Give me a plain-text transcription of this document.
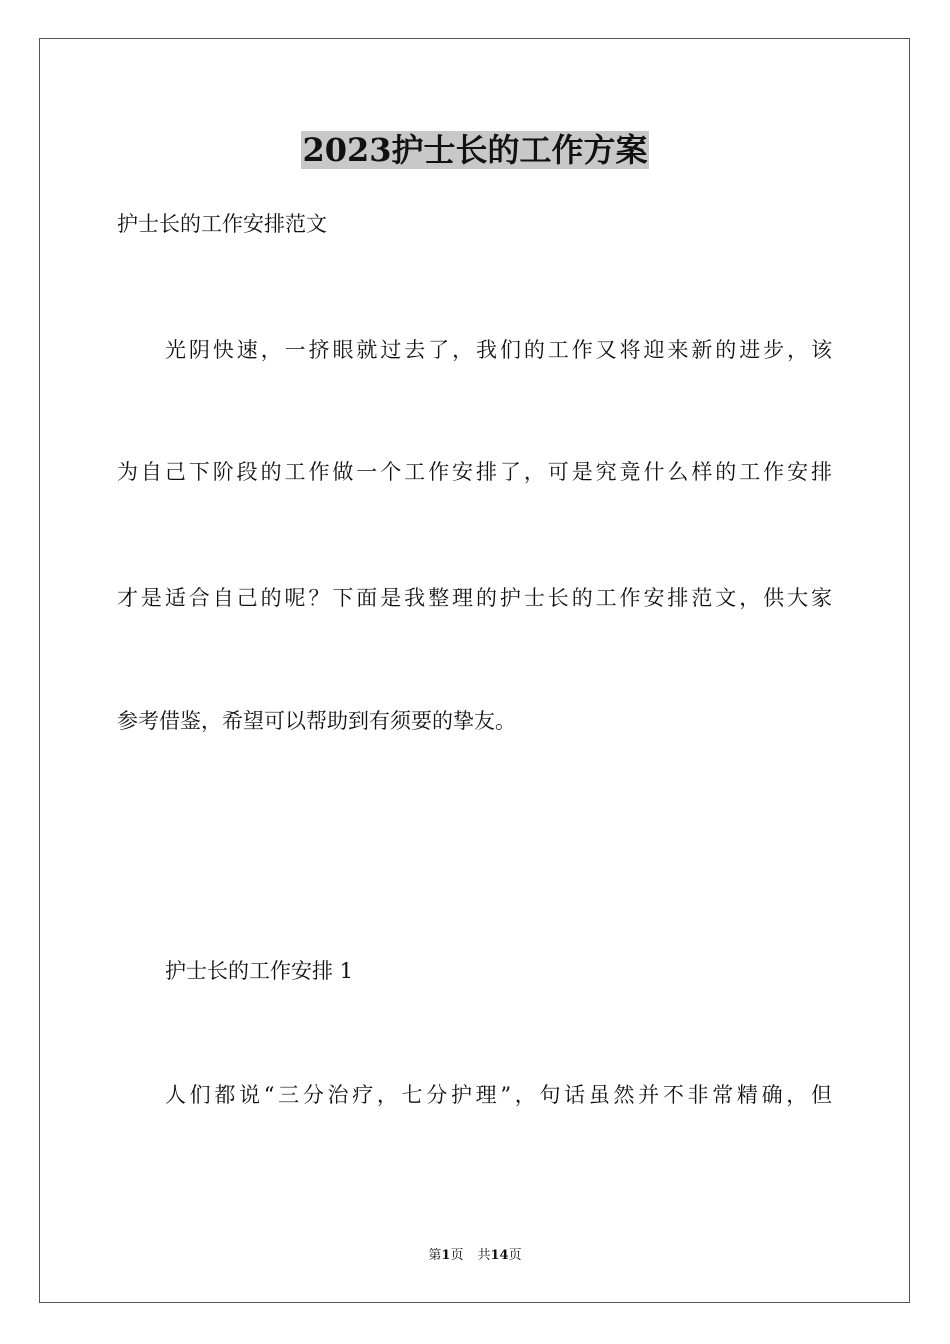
2023护士长的工作方案

护士长的工作安排范文

光阴快速，一挤眼就过去了，我们的工作又将迎来新的进步，该

为自己下阶段的工作做一个工作安排了，可是究竟什么样的工作安排

才是适合自己的呢？下面是我整理的护士长的工作安排范文，供大家

参考借鉴，希望可以帮助到有须要的挚友。

护士长的工作安排 1

人们都说“三分治疗，七分护理”，句话虽然并不非常精确，但

第1页 共14页
